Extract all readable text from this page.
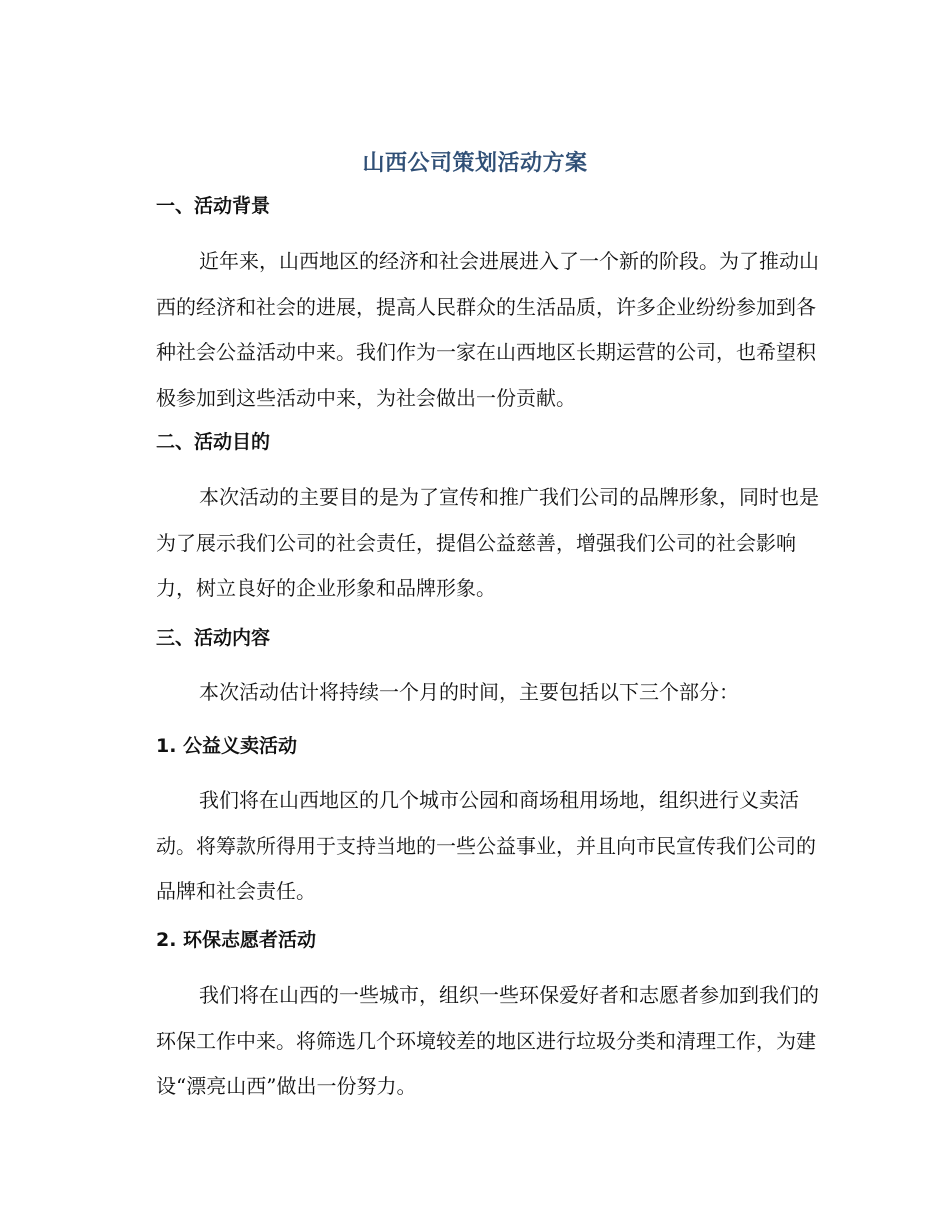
山西公司策划活动方案
一、活动背景
近年来，山西地区的经济和社会进展进入了一个新的阶段。为了推动山
西的经济和社会的进展，提高人民群众的生活品质，许多企业纷纷参加到各
种社会公益活动中来。我们作为一家在山西地区长期运营的公司，也希望积
极参加到这些活动中来，为社会做出一份贡献。
二、活动目的
本次活动的主要目的是为了宣传和推广我们公司的品牌形象，同时也是
为了展示我们公司的社会责任，提倡公益慈善，增强我们公司的社会影响
力，树立良好的企业形象和品牌形象。
三、活动内容
本次活动估计将持续一个月的时间，主要包括以下三个部分：
1. 公益义卖活动
我们将在山西地区的几个城市公园和商场租用场地，组织进行义卖活
动。将筹款所得用于支持当地的一些公益事业，并且向市民宣传我们公司的
品牌和社会责任。
2. 环保志愿者活动
我们将在山西的一些城市，组织一些环保爱好者和志愿者参加到我们的
环保工作中来。将筛选几个环境较差的地区进行垃圾分类和清理工作，为建
设“漂亮山西”做出一份努力。
